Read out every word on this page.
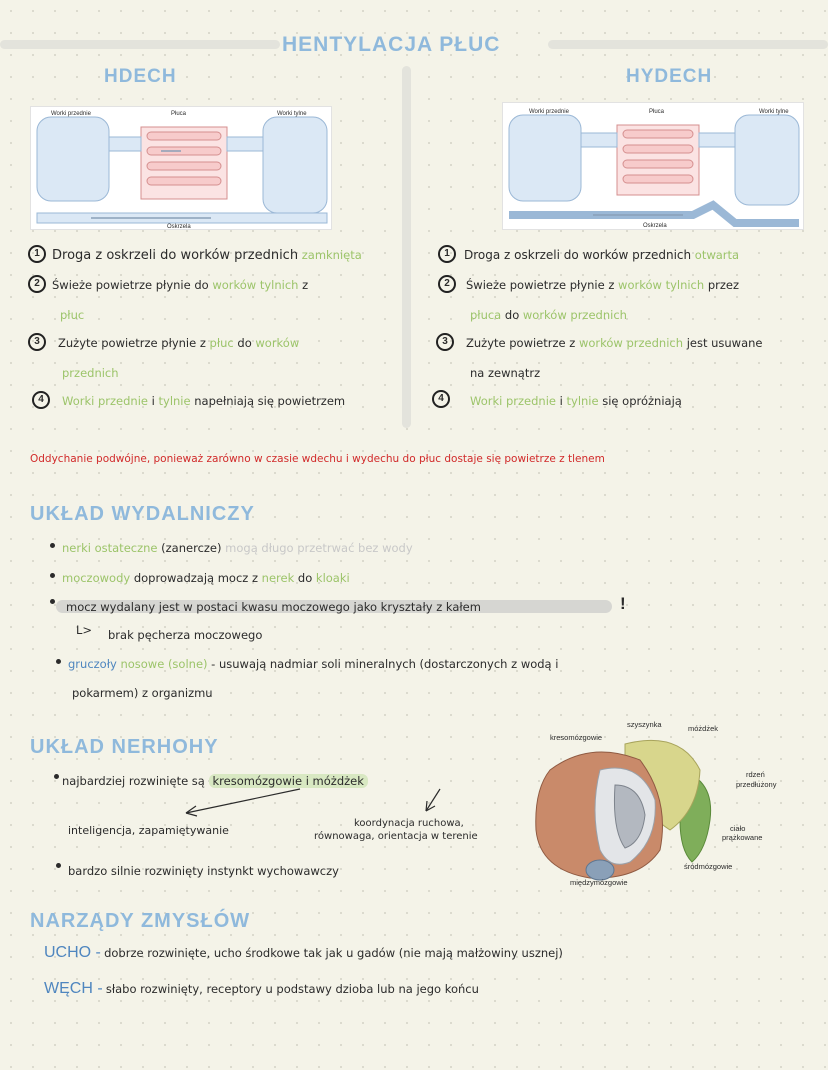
HENTYLACJA PŁUC
HDECH
Worki przednie	Płuca	Worki tylne
Oskrzela
1 Droga z oskrzeli do worków przednich zamknięta
2	Świeże powietrze płynie do worków tylnich z
płuc
3	Zużyte powietrze płynie z płuc do worków
przednich
4	Worki przednie i tylnie napełniają się powietrzem
HYDECH
Worki przednie	Płuca	Worki tylne
Oskrzela
1	Droga z oskrzeli do worków przednich otwarta
2	Świeże powietrze płynie z worków tylnich przez
płuca do worków przednich
3	Zużyte powietrze z worków przednich jest usuwane
na zewnątrz
4	Worki przednie i tylnie się opróżniają
Oddychanie podwójne, ponieważ zarówno w czasie wdechu i wydechu do płuc dostaje się powietrze z tlenem
UKŁAD WYDALNICZY
nerki ostateczne (zanercze) mogą długo przetrwać bez wody
moczowody doprowadzają mocz z nerek do kloaki
mocz wydalany jest w postaci kwasu moczowego jako kryształy z kałem	!
L> brak pęcherza moczowego
gruczoły nosowe (solne) - usuwają nadmiar soli mineralnych (dostarczonych z wodą i
pokarmem) z organizmu
UKŁAD NERHOHY
najbardziej rozwinięte są kresomózgowie i móżdżek
inteligencja, zapamiętywanie
koordynacja ruchowa,
równowaga, orientacja w terenie
bardzo silnie rozwinięty instynkt wychowawczy
kresomózgowie
szyszynka	móżdżek
rdzeń
przedłużony
ciało
prążkowane
śródmózgowie
międzymózgowie
NARZĄDY ZMYSŁÓW
UCHO - dobrze rozwinięte, ucho środkowe tak jak u gadów (nie mają małżowiny usznej)
WĘCH - słabo rozwinięty, receptory u podstawy dzioba lub na jego końcu
